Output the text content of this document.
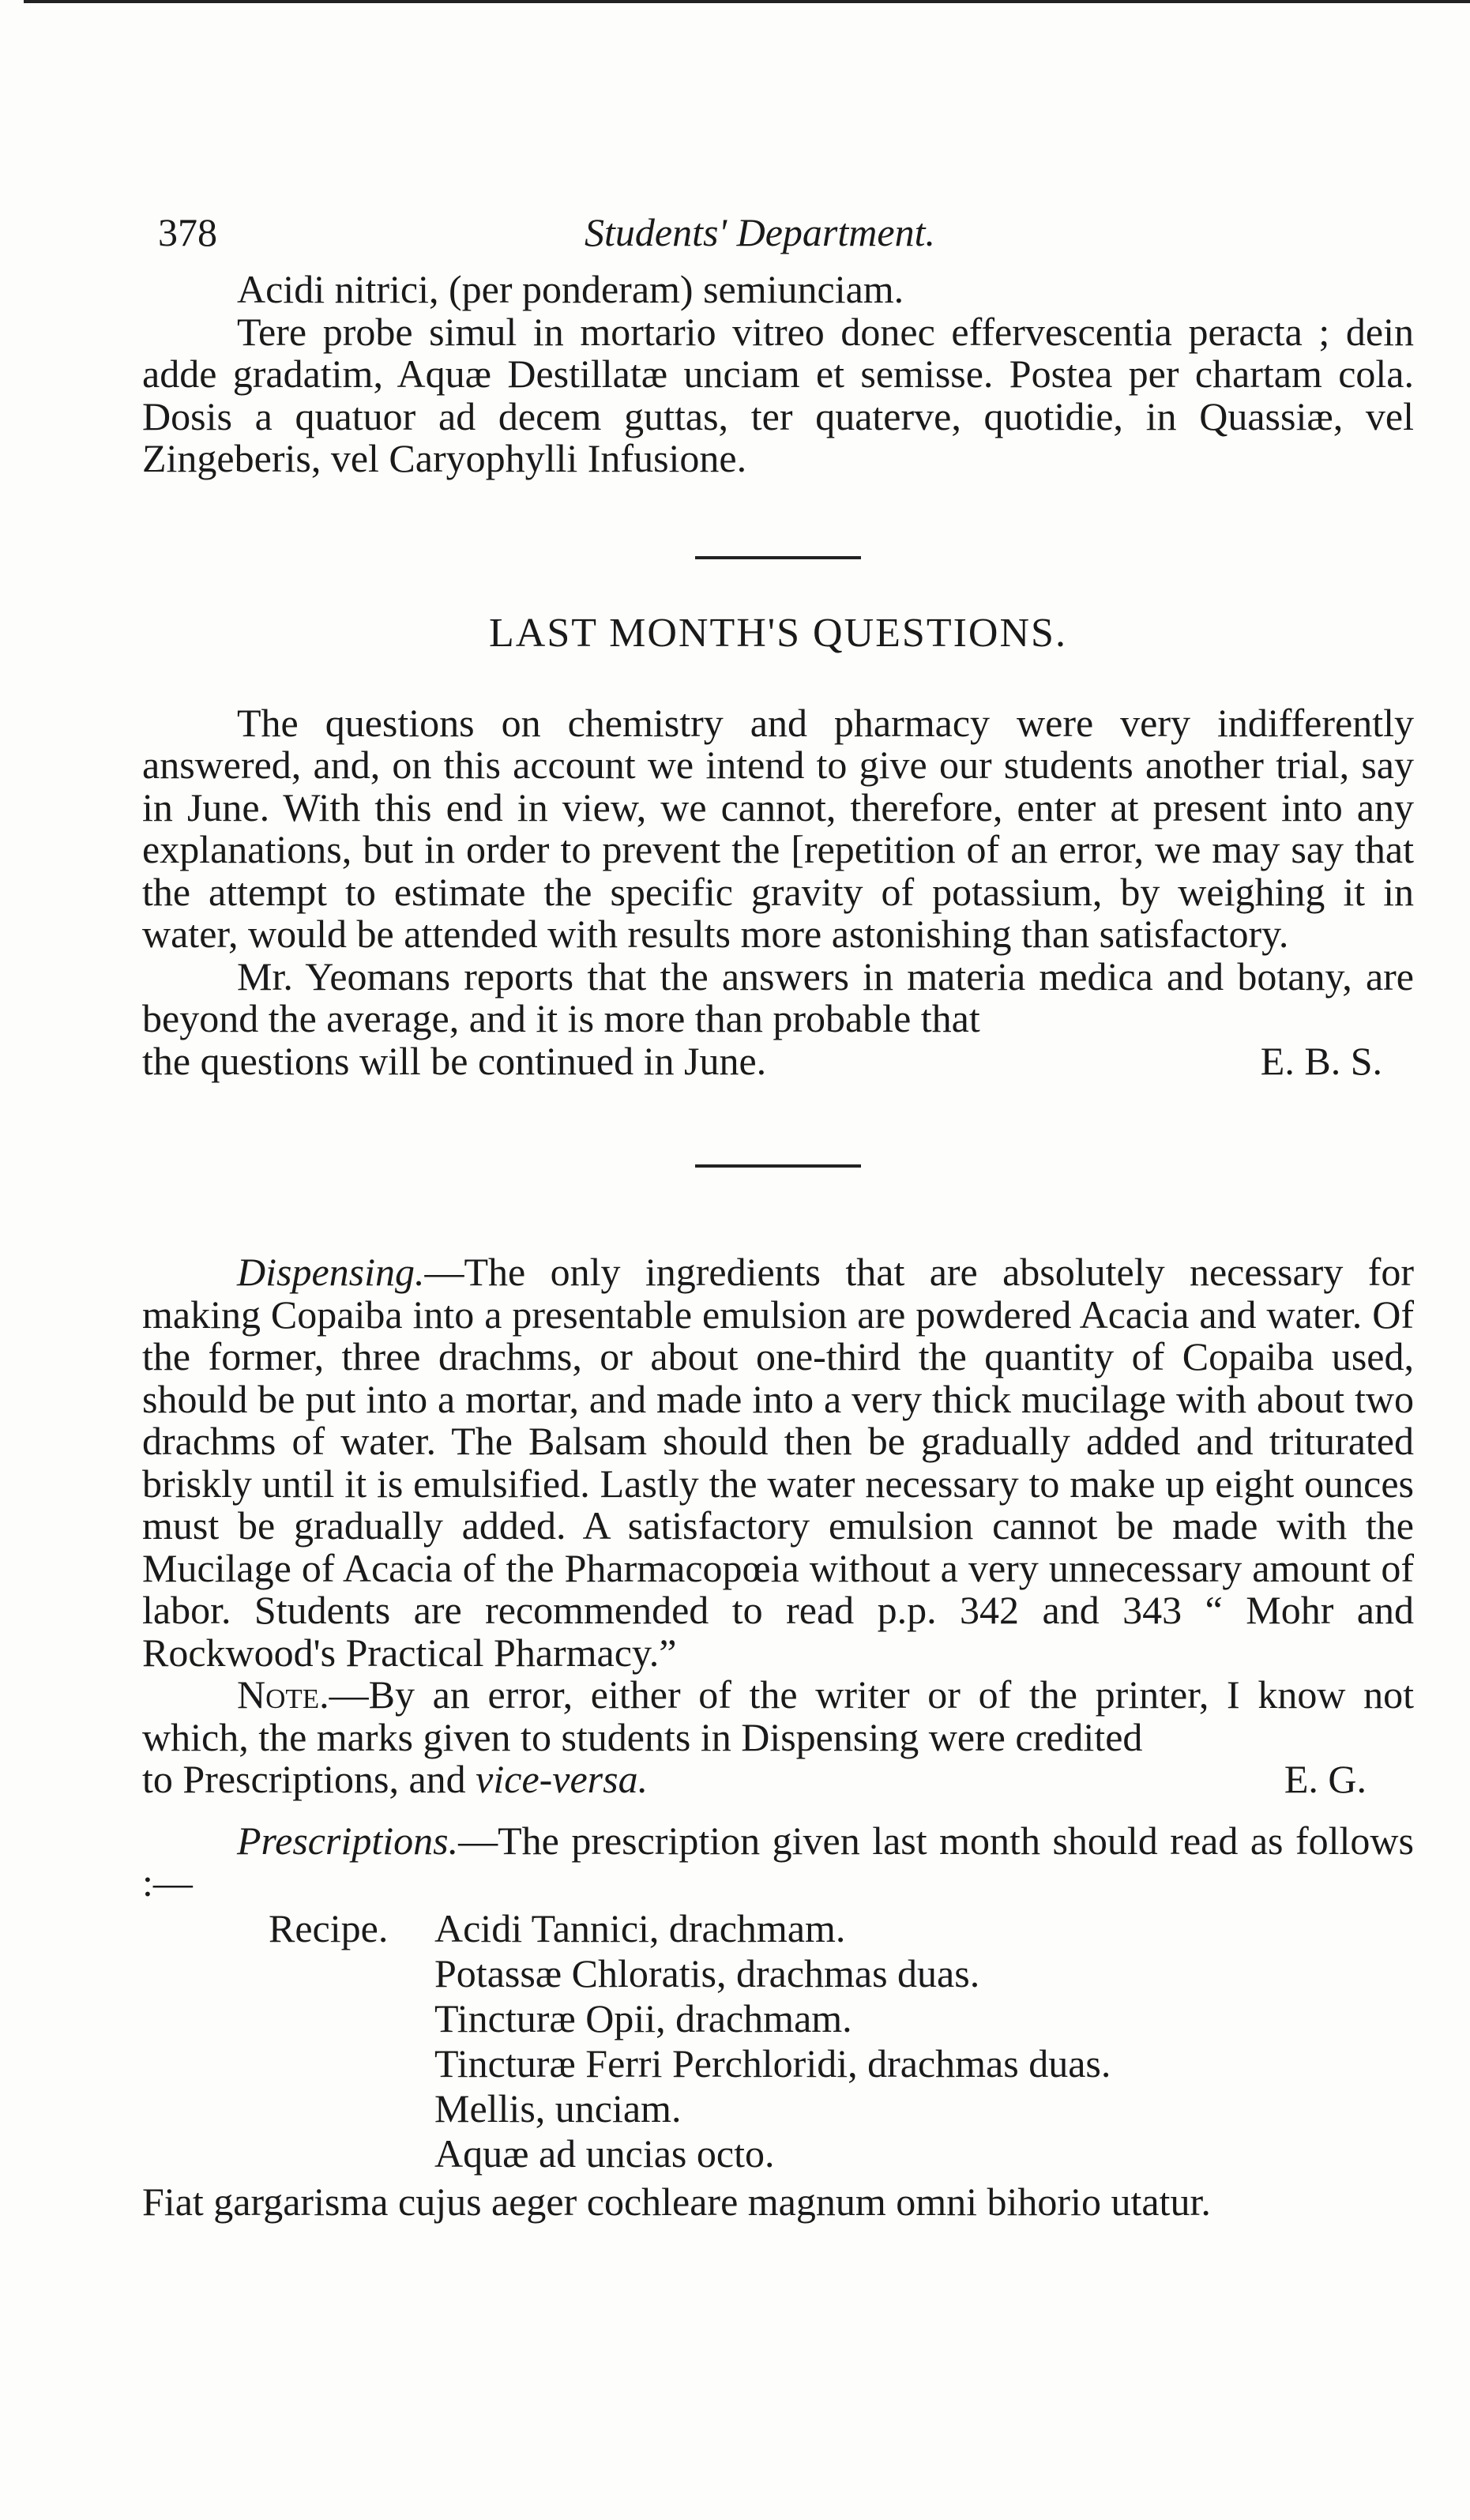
378	Students' Department.

Acidi nitrici, (per ponderam) semiunciam.

Tere probe simul in mortario vitreo donec effervescentia peracta ; dein adde gradatim, Aquæ Destillatæ unciam et semisse. Postea per chartam cola. Dosis a quatuor ad decem guttas, ter quaterve, quotidie, in Quassiæ, vel Zingeberis, vel Caryophylli Infusione.

LAST MONTH'S QUESTIONS.

The questions on chemistry and pharmacy were very indifferently answered, and, on this account we intend to give our students another trial, say in June. With this end in view, we cannot, therefore, enter at present into any explanations, but in order to prevent the [repetition of an error, we may say that the attempt to estimate the specific gravity of potassium, by weighing it in water, would be attended with results more astonishing than satisfactory.

Mr. Yeomans reports that the answers in materia medica and botany, are beyond the average, and it is more than probable that

the questions will be continued in June.	E. B. S.

Dispensing.—The only ingredients that are absolutely necessary for making Copaiba into a presentable emulsion are powdered Acacia and water. Of the former, three drachms, or about one-third the quantity of Copaiba used, should be put into a mortar, and made into a very thick mucilage with about two drachms of water. The Balsam should then be gradually added and triturated briskly until it is emulsified. Lastly the water necessary to make up eight ounces must be gradually added. A satisfactory emulsion cannot be made with the Mucilage of Acacia of the Pharmacopœia without a very unnecessary amount of labor. Students are recommended to read p.p. 342 and 343 “ Mohr and Rockwood's Practical Pharmacy.”

Note.—By an error, either of the writer or of the printer, I know not which, the marks given to students in Dispensing were credited

to Prescriptions, and vice-versa.	E. G.

Prescriptions.—The prescription given last month should read as follows :—

Recipe.	Acidi Tannici, drachmam.
Potassæ Chloratis, drachmas duas.
Tincturæ Opii, drachmam.
Tincturæ Ferri Perchloridi, drachmas duas.
Mellis, unciam.
Aquæ ad uncias octo.

Fiat gargarisma cujus aeger cochleare magnum omni bihorio utatur.
